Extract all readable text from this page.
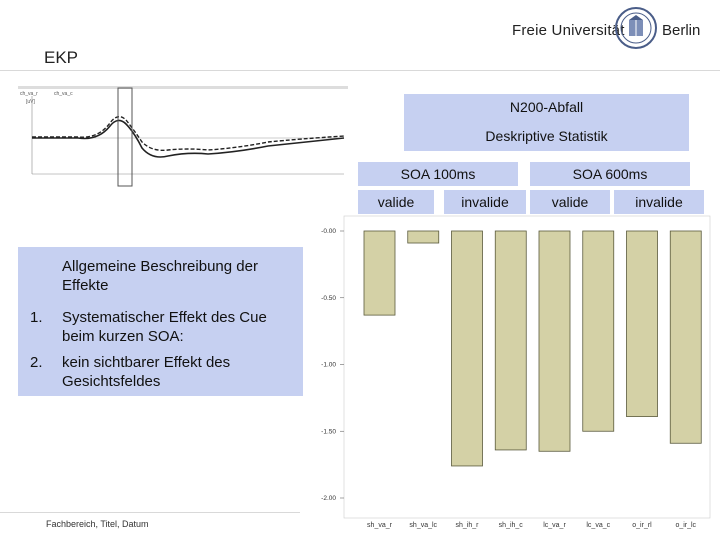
Freie Universität Berlin
EKP
ch_va_r	ch_va_c
[uV]	N200-Abfall
Deskriptive Statistik
SOA 100ms	SOA 600ms
valide	invalide	valide	invalide
-0.00
-0.50
-1.00
-1.50
-2.00
sh_va_r sh_va_lc	sh_ih_r	sh_ih_c	lc_va_r	lc_va_c	o_ir_rl	o_ir_lc
Allgemeine Beschreibung der Effekte
1. Systematischer Effekt des Cue beim kurzen SOA:
2. kein sichtbarer Effekt des Gesichtsfeldes
Fachbereich, Titel, Datum
